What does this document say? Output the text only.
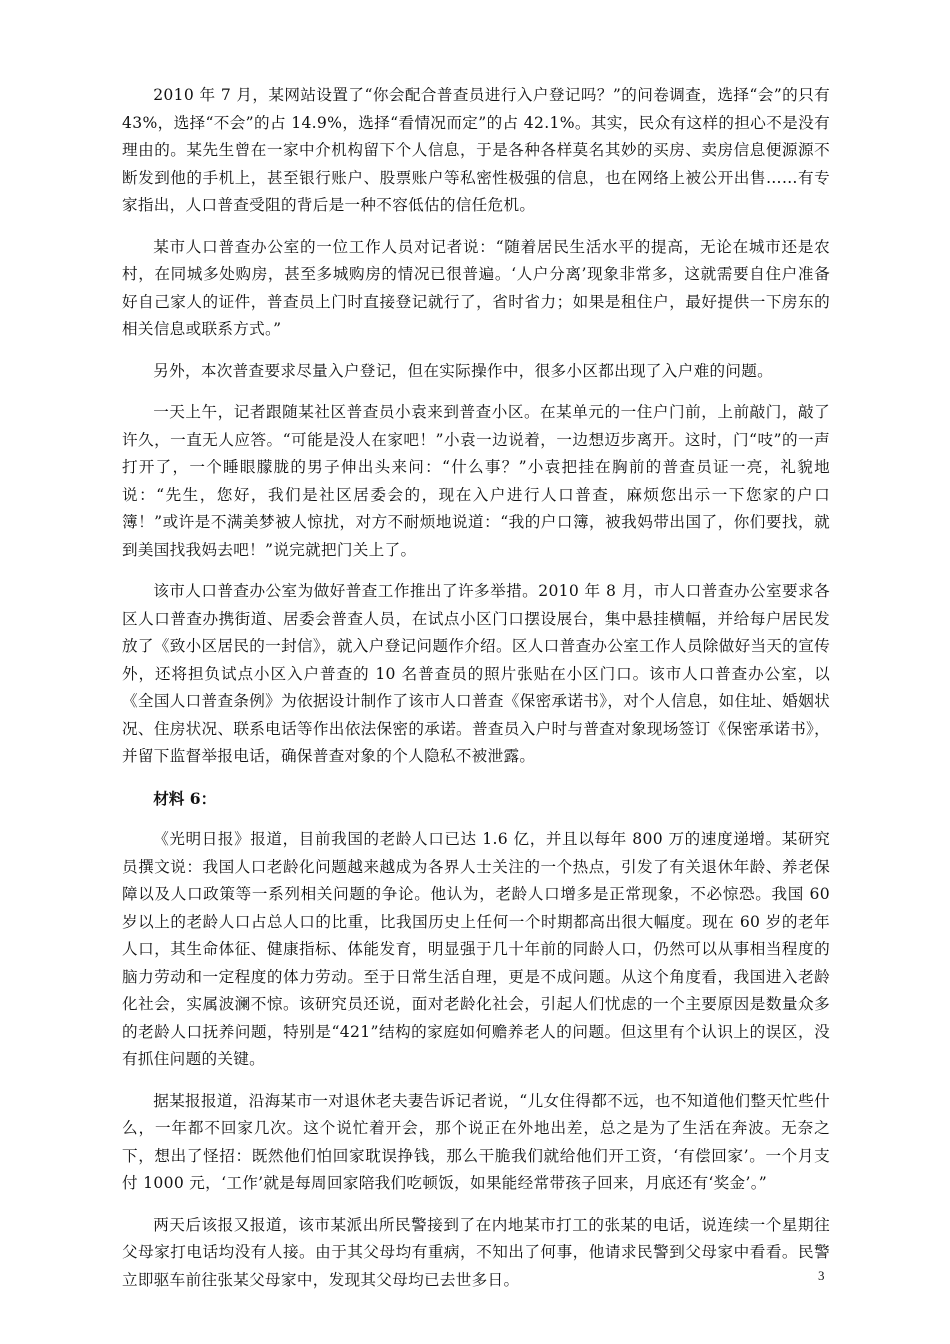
2010 年 7 月，某网站设置了“你会配合普查员进行入户登记吗？”的问卷调查，选择“会”的只有 43%，选择“不会”的占 14.9%，选择“看情况而定”的占 42.1%。其实，民众有这样的担心不是没有理由的。某先生曾在一家中介机构留下个人信息，于是各种各样莫名其妙的买房、卖房信息便源源不断发到他的手机上，甚至银行账户、股票账户等私密性极强的信息，也在网络上被公开出售……有专家指出，人口普查受阻的背后是一种不容低估的信任危机。

某市人口普查办公室的一位工作人员对记者说：“随着居民生活水平的提高，无论在城市还是农村，在同城多处购房，甚至多城购房的情况已很普遍。‘人户分离’现象非常多，这就需要自住户准备好自己家人的证件，普查员上门时直接登记就行了，省时省力；如果是租住户，最好提供一下房东的相关信息或联系方式。”

另外，本次普查要求尽量入户登记，但在实际操作中，很多小区都出现了入户难的问题。

一天上午，记者跟随某社区普查员小袁来到普查小区。在某单元的一住户门前，上前敲门，敲了许久，一直无人应答。“可能是没人在家吧！”小袁一边说着，一边想迈步离开。这时，门“吱”的一声打开了，一个睡眼朦胧的男子伸出头来问：“什么事？”小袁把挂在胸前的普查员证一亮，礼貌地说：“先生，您好，我们是社区居委会的，现在入户进行人口普查，麻烦您出示一下您家的户口簿！”或许是不满美梦被人惊扰，对方不耐烦地说道：“我的户口簿，被我妈带出国了，你们要找，就到美国找我妈去吧！”说完就把门关上了。

该市人口普查办公室为做好普查工作推出了许多举措。2010 年 8 月，市人口普查办公室要求各区人口普查办携街道、居委会普查人员，在试点小区门口摆设展台，集中悬挂横幅，并给每户居民发放了《致小区居民的一封信》，就入户登记问题作介绍。区人口普查办公室工作人员除做好当天的宣传外，还将担负试点小区入户普查的 10 名普查员的照片张贴在小区门口。该市人口普查办公室，以《全国人口普查条例》为依据设计制作了该市人口普查《保密承诺书》，对个人信息，如住址、婚姻状况、住房状况、联系电话等作出依法保密的承诺。普查员入户时与普查对象现场签订《保密承诺书》，并留下监督举报电话，确保普查对象的个人隐私不被泄露。

材料 6：

《光明日报》报道，目前我国的老龄人口已达 1.6 亿，并且以每年 800 万的速度递增。某研究员撰文说：我国人口老龄化问题越来越成为各界人士关注的一个热点，引发了有关退休年龄、养老保障以及人口政策等一系列相关问题的争论。他认为，老龄人口增多是正常现象，不必惊恐。我国 60 岁以上的老龄人口占总人口的比重，比我国历史上任何一个时期都高出很大幅度。现在 60 岁的老年人口，其生命体征、健康指标、体能发育，明显强于几十年前的同龄人口，仍然可以从事相当程度的脑力劳动和一定程度的体力劳动。至于日常生活自理，更是不成问题。从这个角度看，我国进入老龄化社会，实属波澜不惊。该研究员还说，面对老龄化社会，引起人们忧虑的一个主要原因是数量众多的老龄人口抚养问题，特别是“421”结构的家庭如何赡养老人的问题。但这里有个认识上的误区，没有抓住问题的关键。

据某报报道，沿海某市一对退休老夫妻告诉记者说，“儿女住得都不远，也不知道他们整天忙些什么，一年都不回家几次。这个说忙着开会，那个说正在外地出差，总之是为了生活在奔波。无奈之下，想出了怪招：既然他们怕回家耽误挣钱，那么干脆我们就给他们开工资，‘有偿回家’。一个月支付 1000 元，‘工作’就是每周回家陪我们吃顿饭，如果能经常带孩子回来，月底还有‘奖金’。”

两天后该报又报道，该市某派出所民警接到了在内地某市打工的张某的电话，说连续一个星期往父母家打电话均没有人接。由于其父母均有重病，不知出了何事，他请求民警到父母家中看看。民警立即驱车前往张某父母家中，发现其父母均已去世多日。	3
